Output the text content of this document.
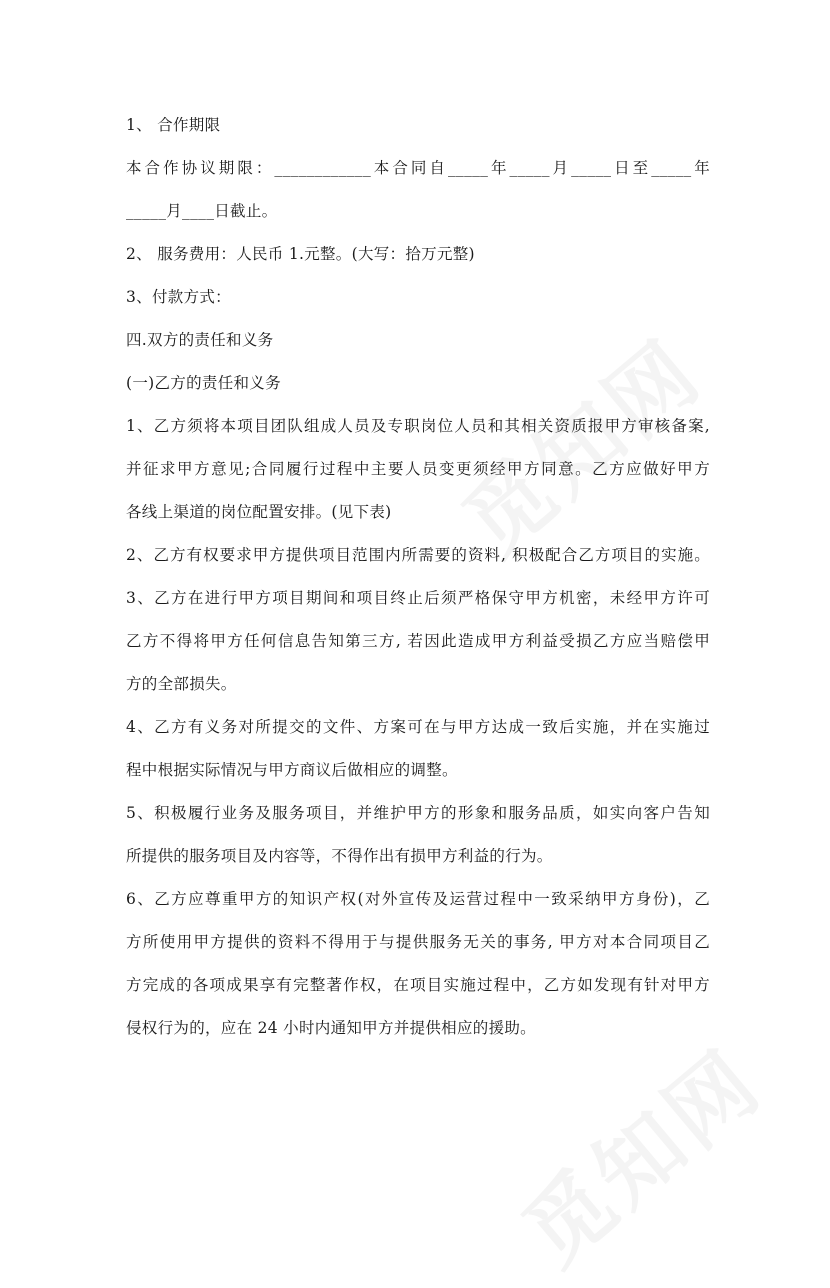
1、 合作期限
本合作协议期限：____________本合同自_____年_____月_____日至_____年
_____月____日截止。
2、 服务费用：人民币 1.元整。(大写：拾万元整)
3、付款方式：
四.双方的责任和义务
(一)乙方的责任和义务
1、乙方须将本项目团队组成人员及专职岗位人员和其相关资质报甲方审核备案,
并征求甲方意见;合同履行过程中主要人员变更须经甲方同意。乙方应做好甲方
各线上渠道的岗位配置安排。(见下表)
2、乙方有权要求甲方提供项目范围内所需要的资料, 积极配合乙方项目的实施。
3、乙方在进行甲方项目期间和项目终止后须严格保守甲方机密，未经甲方许可
乙方不得将甲方任何信息告知第三方, 若因此造成甲方利益受损乙方应当赔偿甲
方的全部损失。
4、乙方有义务对所提交的文件、方案可在与甲方达成一致后实施，并在实施过
程中根据实际情况与甲方商议后做相应的调整。
5、积极履行业务及服务项目，并维护甲方的形象和服务品质，如实向客户告知
所提供的服务项目及内容等，不得作出有损甲方利益的行为。
6、乙方应尊重甲方的知识产权(对外宣传及运营过程中一致采纳甲方身份)，乙
方所使用甲方提供的资料不得用于与提供服务无关的事务, 甲方对本合同项目乙
方完成的各项成果享有完整著作权，在项目实施过程中，乙方如发现有针对甲方
侵权行为的，应在 24 小时内通知甲方并提供相应的援助。
